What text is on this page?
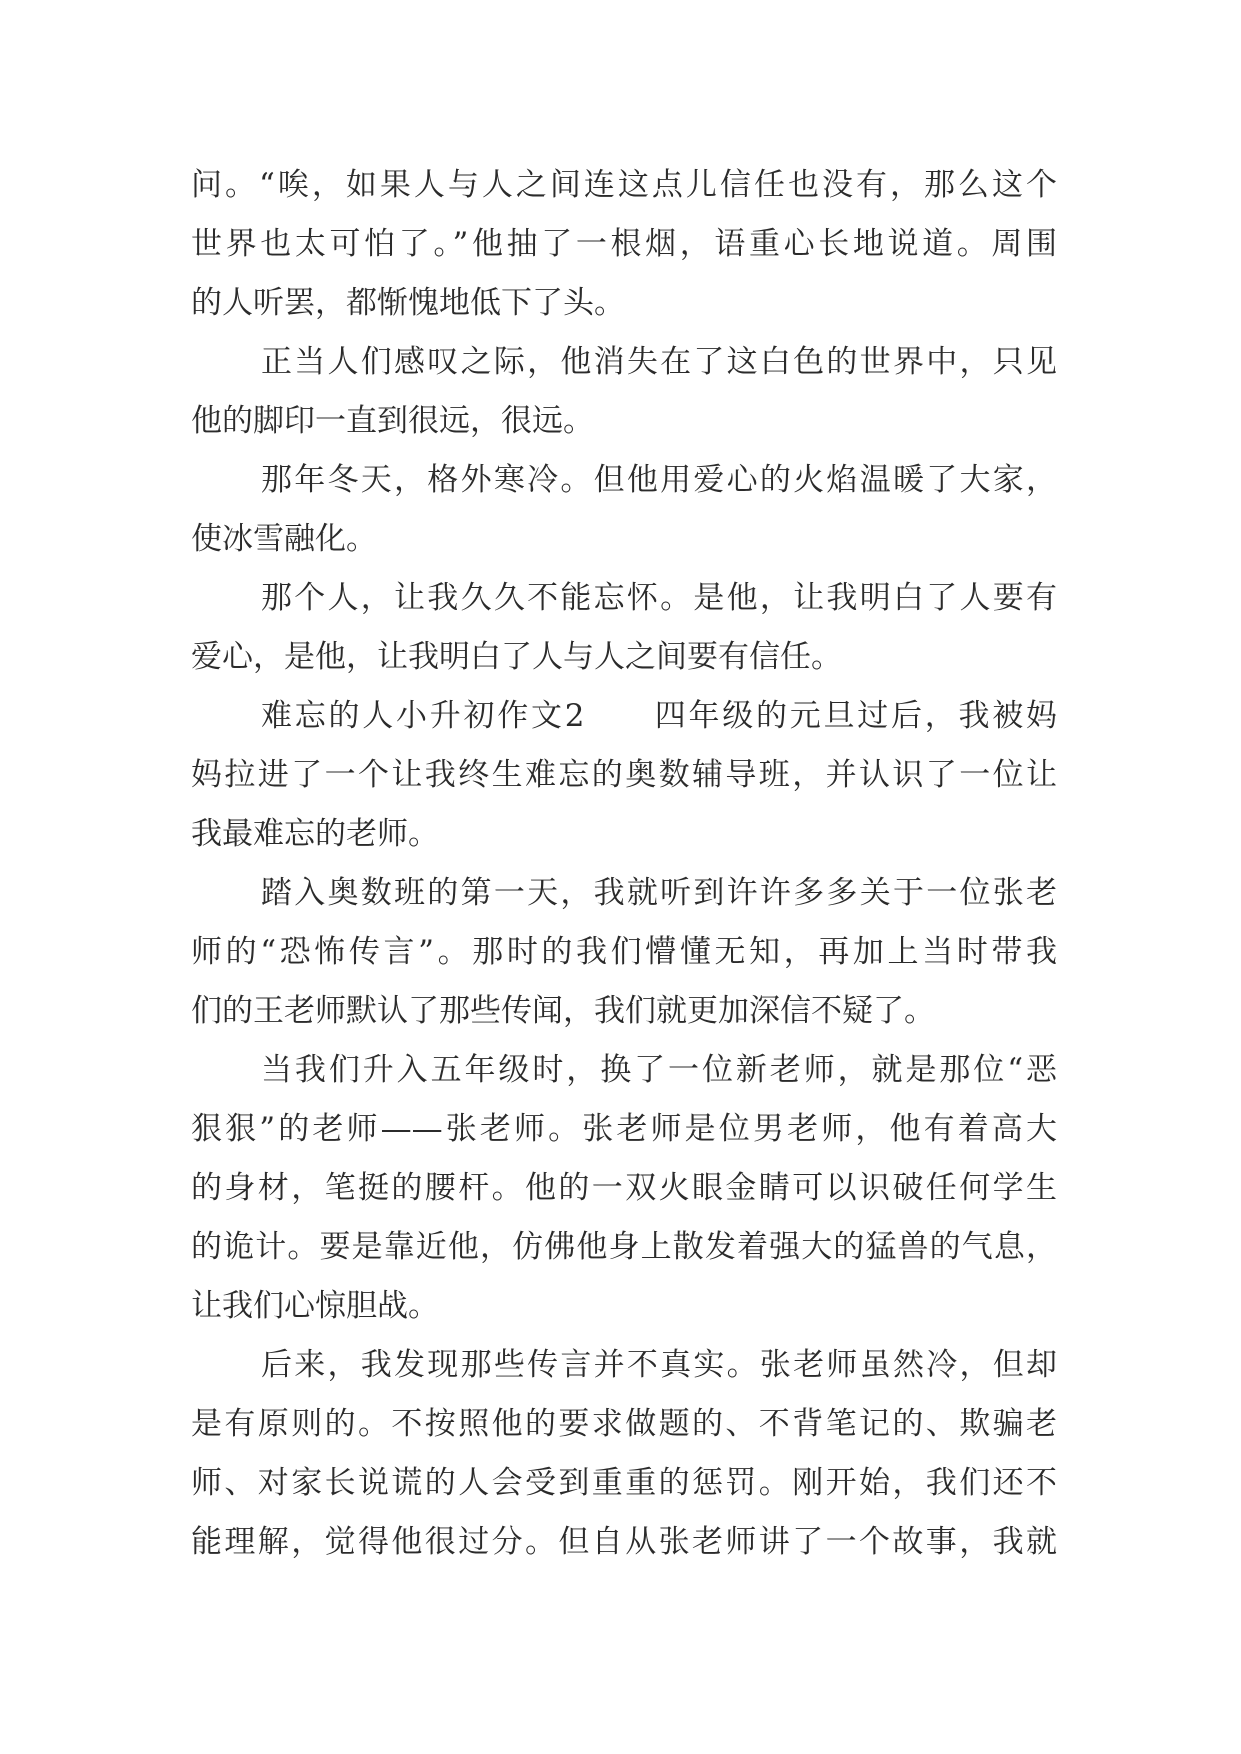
问。“唉，如果人与人之间连这点儿信任也没有，那么这个
世界也太可怕了。”他抽了一根烟，语重心长地说道。周围
的人听罢，都惭愧地低下了头。
正当人们感叹之际，他消失在了这白色的世界中，只见
他的脚印一直到很远，很远。
那年冬天，格外寒冷。但他用爱心的火焰温暖了大家，
使冰雪融化。
那个人，让我久久不能忘怀。是他，让我明白了人要有
爱心，是他，让我明白了人与人之间要有信任。
难忘的人小升初作文2　　四年级的元旦过后，我被妈
妈拉进了一个让我终生难忘的奥数辅导班，并认识了一位让
我最难忘的老师。
踏入奥数班的第一天，我就听到许许多多关于一位张老
师的“恐怖传言”。那时的我们懵懂无知，再加上当时带我
们的王老师默认了那些传闻，我们就更加深信不疑了。
当我们升入五年级时，换了一位新老师，就是那位“恶
狠狠”的老师——张老师。张老师是位男老师，他有着高大
的身材，笔挺的腰杆。他的一双火眼金睛可以识破任何学生
的诡计。要是靠近他，仿佛他身上散发着强大的猛兽的气息，
让我们心惊胆战。
后来，我发现那些传言并不真实。张老师虽然冷，但却
是有原则的。不按照他的要求做题的、不背笔记的、欺骗老
师、对家长说谎的人会受到重重的惩罚。刚开始，我们还不
能理解，觉得他很过分。但自从张老师讲了一个故事，我就
